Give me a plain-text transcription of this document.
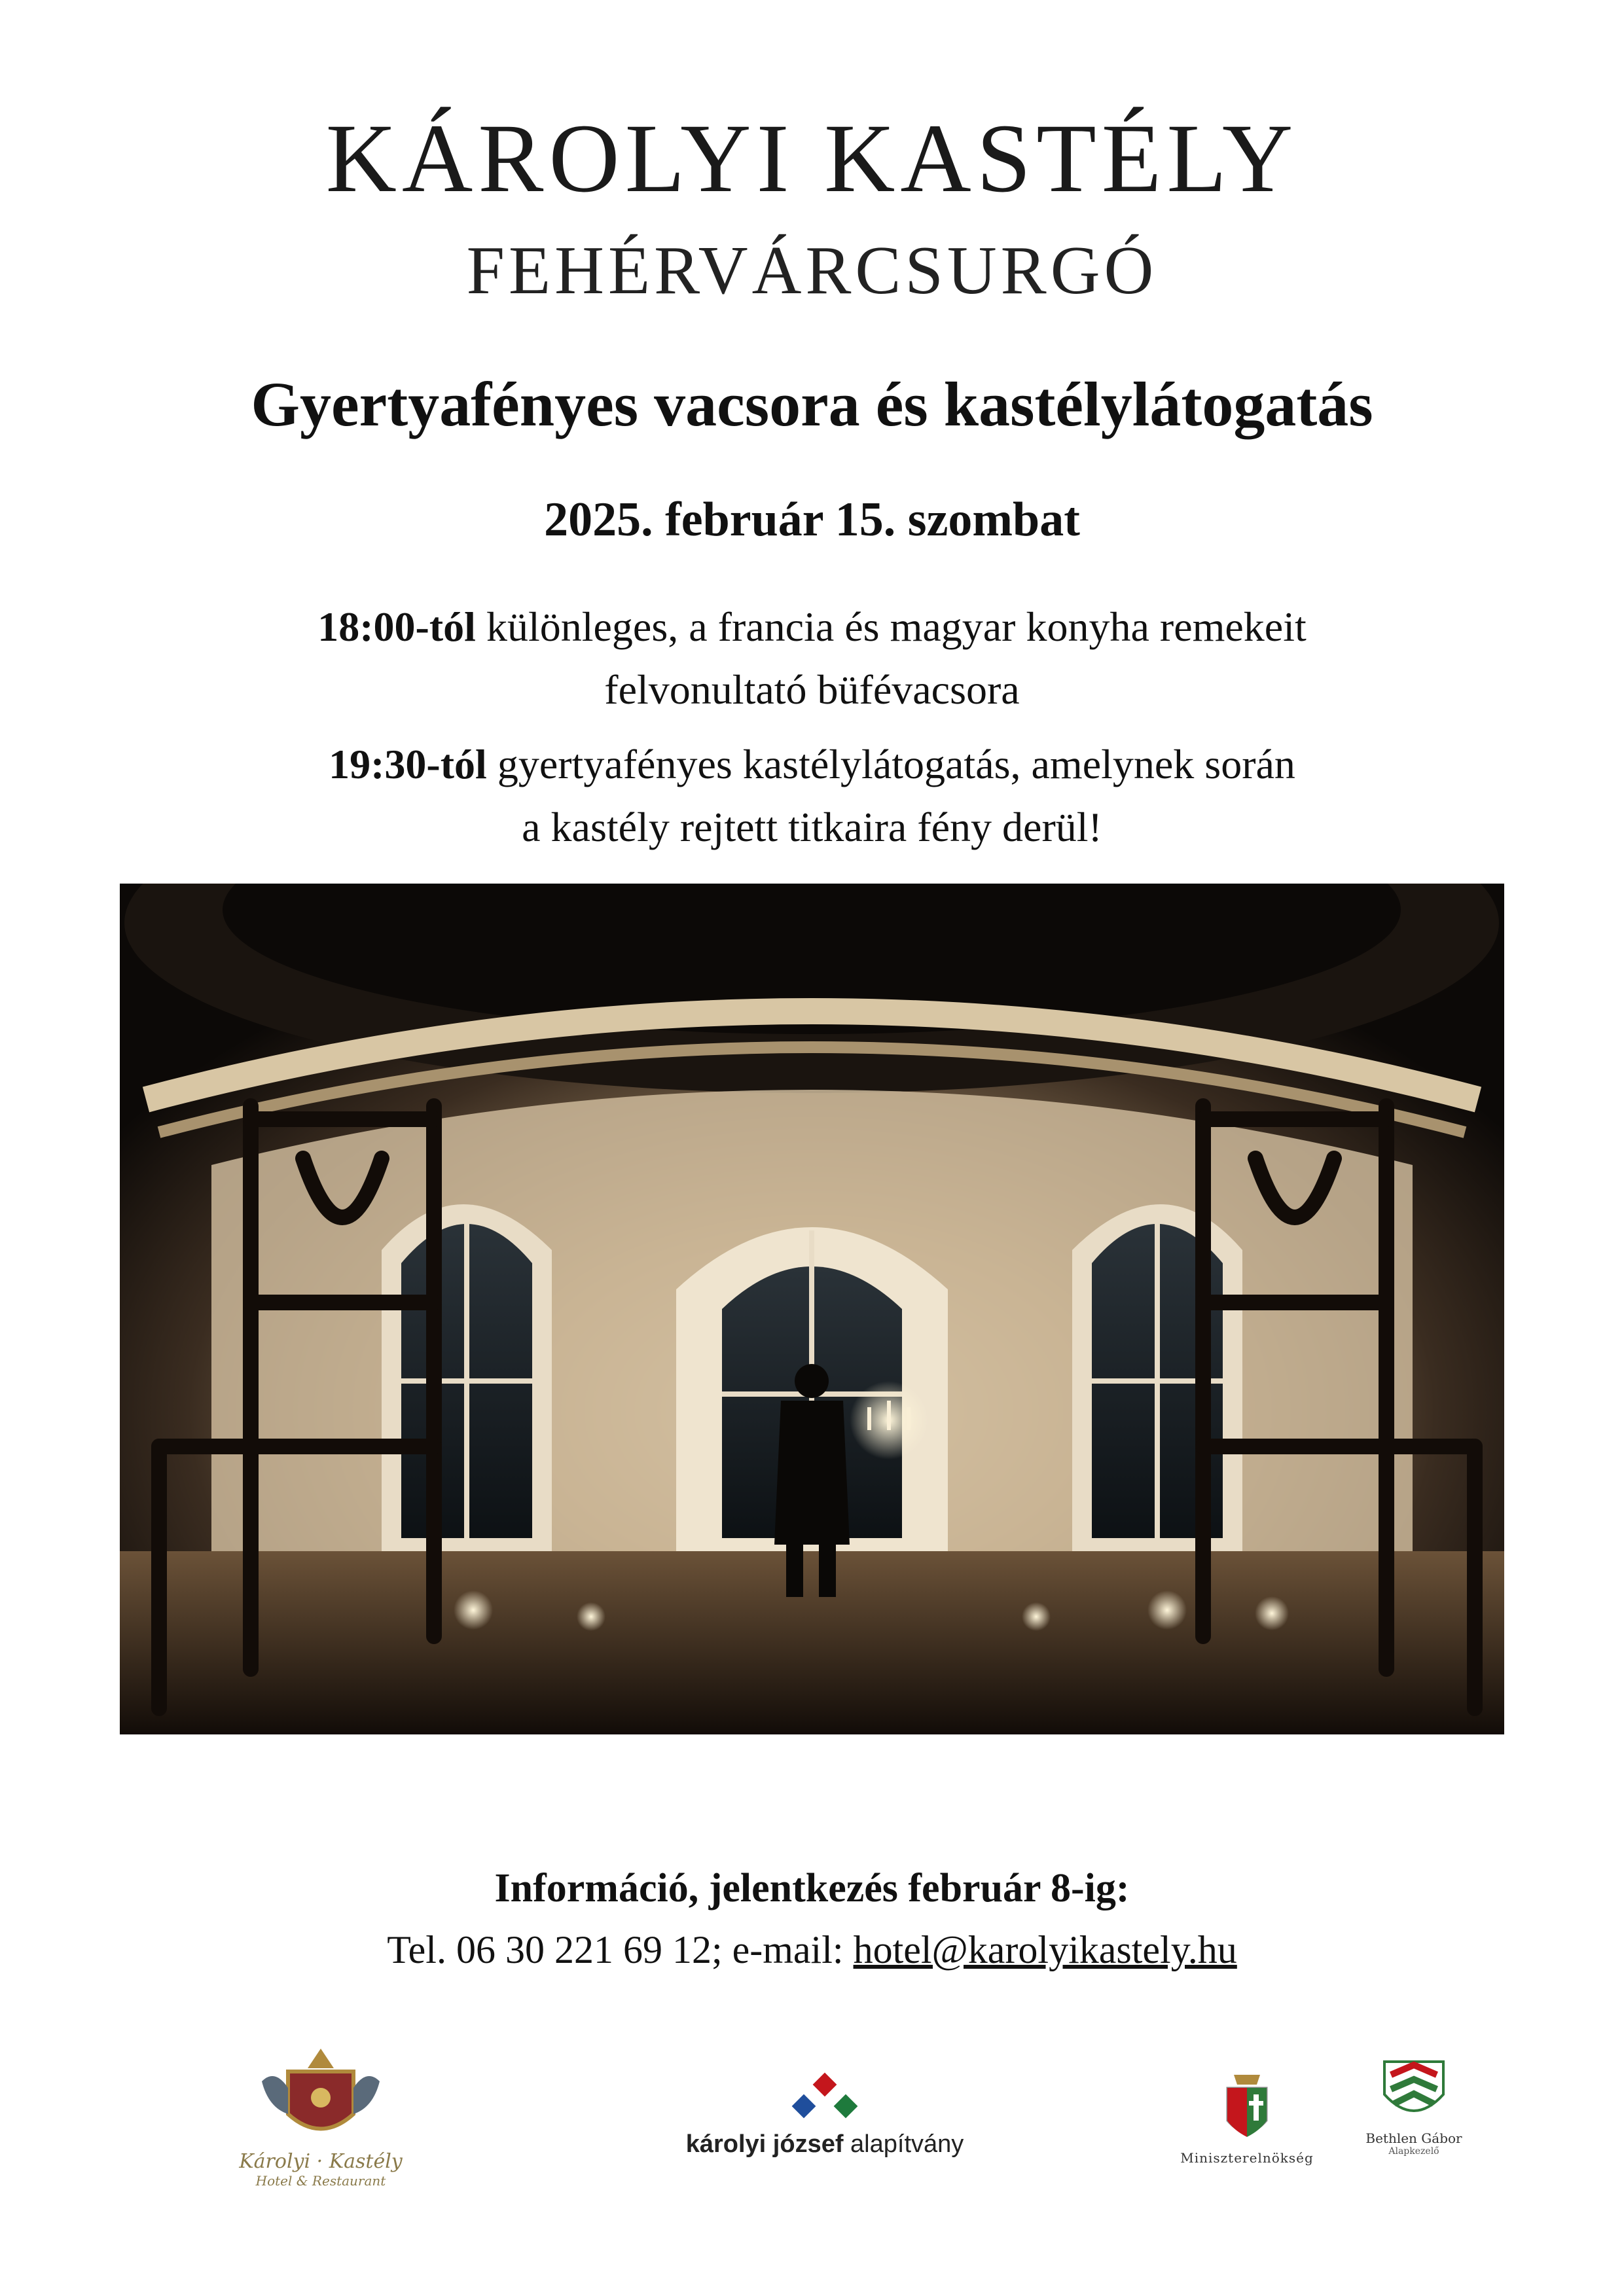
KÁROLYI KASTÉLY
FEHÉRVÁRCSURGÓ
Gyertyafényes vacsora és kastélylátogatás
2025. február 15. szombat
18:00-tól különleges, a francia és magyar konyha remekeit
felvonultató büfévacsora
19:30-tól gyertyafényes kastélylátogatás, amelynek során
a kastély rejtett titkaira fény derül!
Információ, jelentkezés február 8-ig:
Tel. 06 30 221 69 12; e-mail: hotel@karolyikastely.hu
Károlyi · Kastély
Hotel & Restaurant
károlyi józsef alapítvány	Miniszterelnökség
Bethlen Gábor
Alapkezelő
